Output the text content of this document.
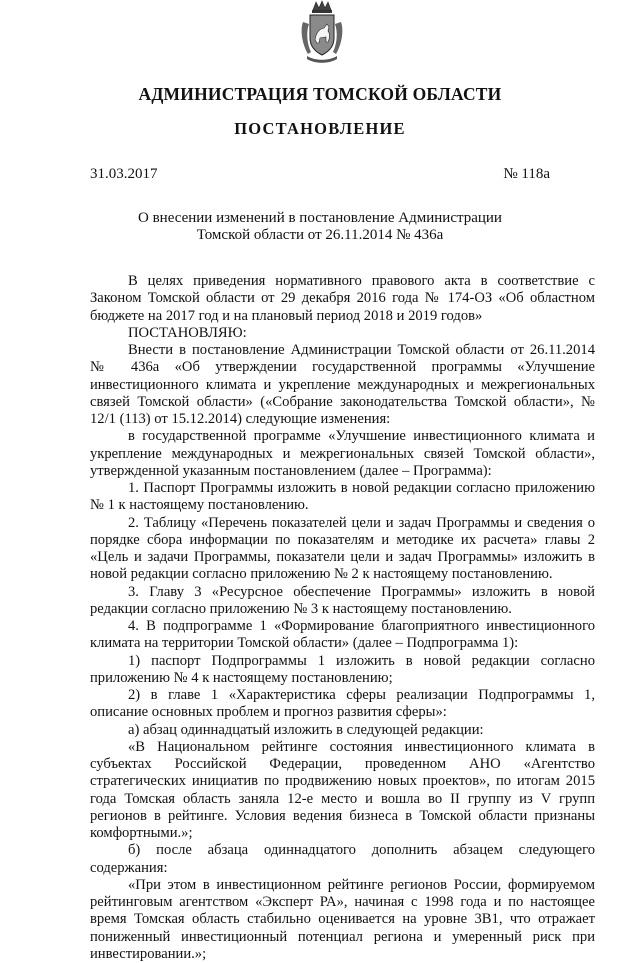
АДМИНИСТРАЦИЯ ТОМСКОЙ ОБЛАСТИ
ПОСТАНОВЛЕНИЕ
31.03.2017	№ 118а
О внесении изменений в постановление Администрации
Томской области от 26.11.2014 № 436а

В целях приведения нормативного правового акта в соответствие с Законом Томской области от 29 декабря 2016 года № 174-ОЗ «Об областном бюджете на 2017 год и на плановый период 2018 и 2019 годов»

ПОСТАНОВЛЯЮ:

Внести в постановление Администрации Томской области от 26.11.2014 № 436а «Об утверждении государственной программы «Улучшение инвестиционного климата и укрепление международных и межрегиональных связей Томской области» («Собрание законодательства Томской области», № 12/1 (113) от 15.12.2014) следующие изменения:

в государственной программе «Улучшение инвестиционного климата и укрепление международных и межрегиональных связей Томской области», утвержденной указанным постановлением (далее – Программа):

1. Паспорт Программы изложить в новой редакции согласно приложению № 1 к настоящему постановлению.

2. Таблицу «Перечень показателей цели и задач Программы и сведения о порядке сбора информации по показателям и методике их расчета» главы 2 «Цель и задачи Программы, показатели цели и задач Программы» изложить в новой редакции согласно приложению № 2 к настоящему постановлению.

3. Главу 3 «Ресурсное обеспечение Программы» изложить в новой редакции согласно приложению № 3 к настоящему постановлению.

4. В подпрограмме 1 «Формирование благоприятного инвестиционного климата на территории Томской области» (далее – Подпрограмма 1):

1) паспорт Подпрограммы 1 изложить в новой редакции согласно приложению № 4 к настоящему постановлению;

2) в главе 1 «Характеристика сферы реализации Подпрограммы 1, описание основных проблем и прогноз развития сферы»:

а) абзац одиннадцатый изложить в следующей редакции:

«В Национальном рейтинге состояния инвестиционного климата в субъектах Российской Федерации, проведенном АНО «Агентство стратегических инициатив по продвижению новых проектов», по итогам 2015 года Томская область заняла 12-е место и вошла во II группу из V групп регионов в рейтинге. Условия ведения бизнеса в Томской области признаны комфортными.»;

б) после абзаца одиннадцатого дополнить абзацем следующего содержания:

«При этом в инвестиционном рейтинге регионов России, формируемом рейтинговым агентством «Эксперт РА», начиная с 1998 года и по настоящее время Томская область стабильно оценивается на уровне 3В1, что отражает пониженный инвестиционный потенциал региона и умеренный риск при инвестировании.»;
